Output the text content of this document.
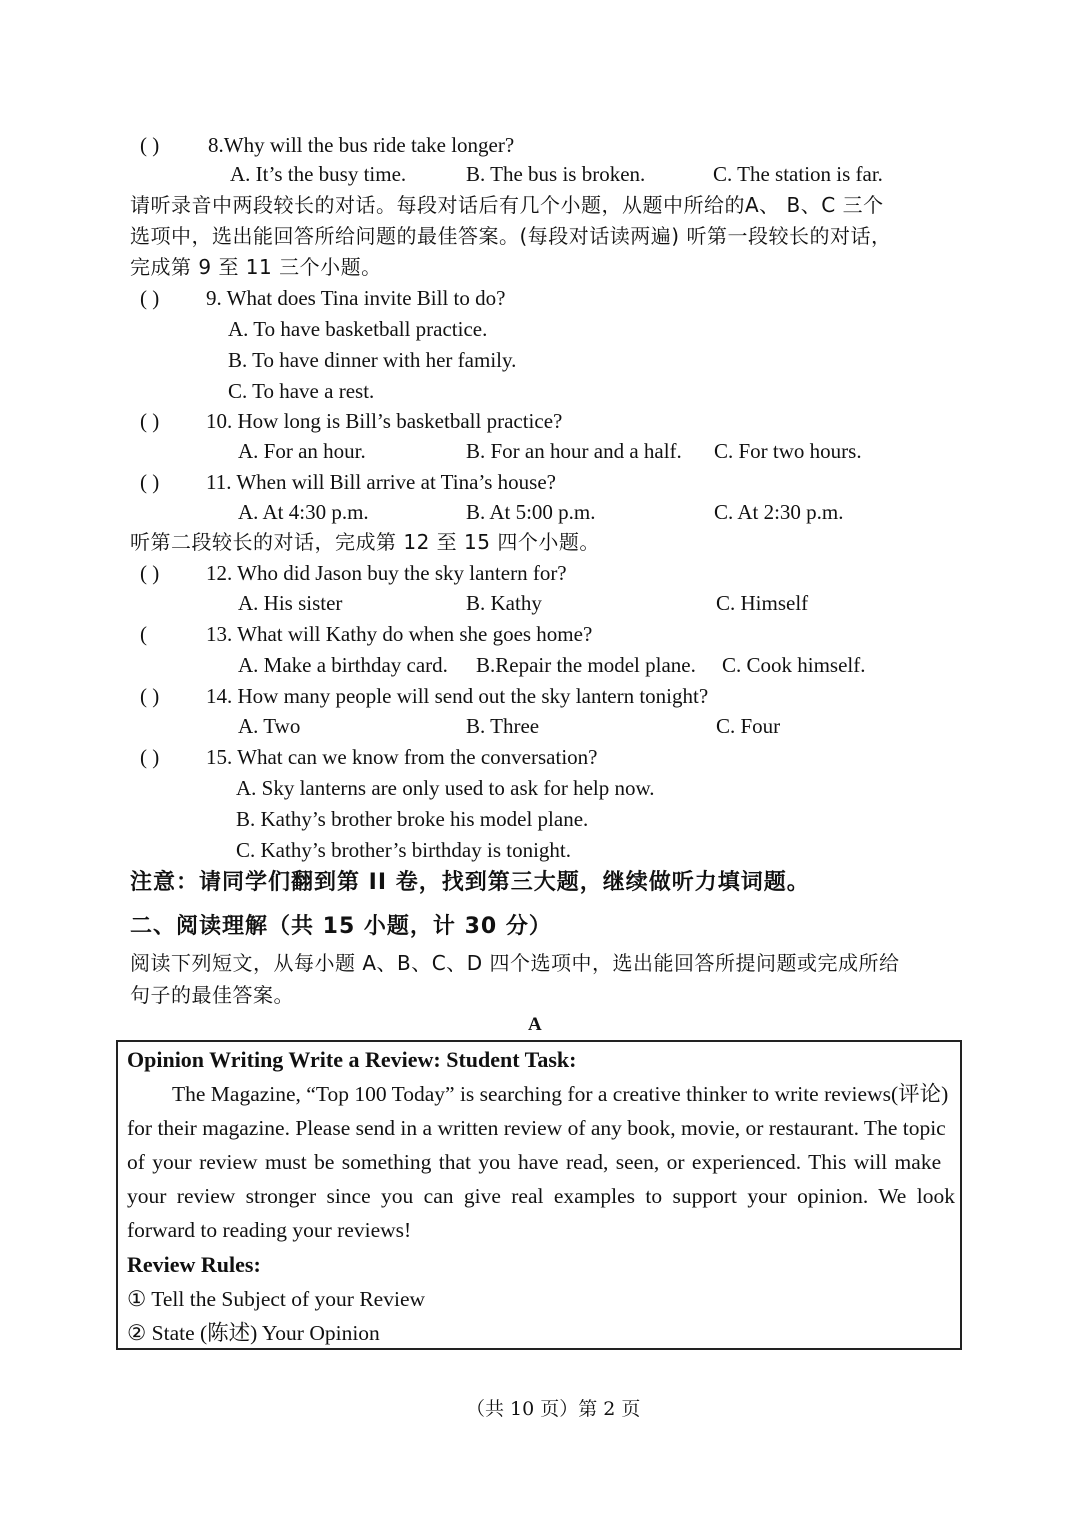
( ) 8.Why will the bus ride take longer?
A. It’s the busy time.	B. The bus is broken.	C. The station is far.
请听录音中两段较长的对话。每段对话后有几个小题，从题中所给的A、 B、C 三个
选项中，选出能回答所给问题的最佳答案。(每段对话读两遍) 听第一段较长的对话，
完成第 9 至 11 三个小题。
( ) 9. What does Tina invite Bill to do?
A. To have basketball practice.
B. To have dinner with her family.
C. To have a rest.
( ) 10. How long is Bill’s basketball practice?
A. For an hour.	B. For an hour and a half. C. For two hours.
( ) 11. When will Bill arrive at Tina’s house?
A. At 4:30 p.m.	B. At 5:00 p.m.	C. At 2:30 p.m.
听第二段较长的对话，完成第 12 至 15 四个小题。
( ) 12. Who did Jason buy the sky lantern for?
A. His sister	B. Kathy	C. Himself
(	13. What will Kathy do when she goes home?
A. Make a birthday card. B.Repair the model plane. C. Cook himself.
( ) 14. How many people will send out the sky lantern tonight?
A. Two	B. Three	C. Four
( ) 15. What can we know from the conversation?
A. Sky lanterns are only used to ask for help now.
B. Kathy’s brother broke his model plane.
C. Kathy’s brother’s birthday is tonight.
注意：请同学们翻到第 II 卷，找到第三大题，继续做听力填词题。
二、阅读理解（共 15 小题，计 30 分）
阅读下列短文，从每小题 A、B、C、D 四个选项中，选出能回答所提问题或完成所给
句子的最佳答案。
A
Opinion Writing Write a Review: Student Task:
The Magazine, “Top 100 Today” is searching for a creative thinker to write reviews(评论)
for their magazine. Please send in a written review of any book, movie, or restaurant. The topic
of your review must be something that you have read, seen, or experienced. This will make
your review stronger since you can give real examples to support your opinion. We look
forward to reading your reviews!
Review Rules:
① Tell the Subject of your Review
② State (陈述) Your Opinion
（共 10 页）第 2 页
